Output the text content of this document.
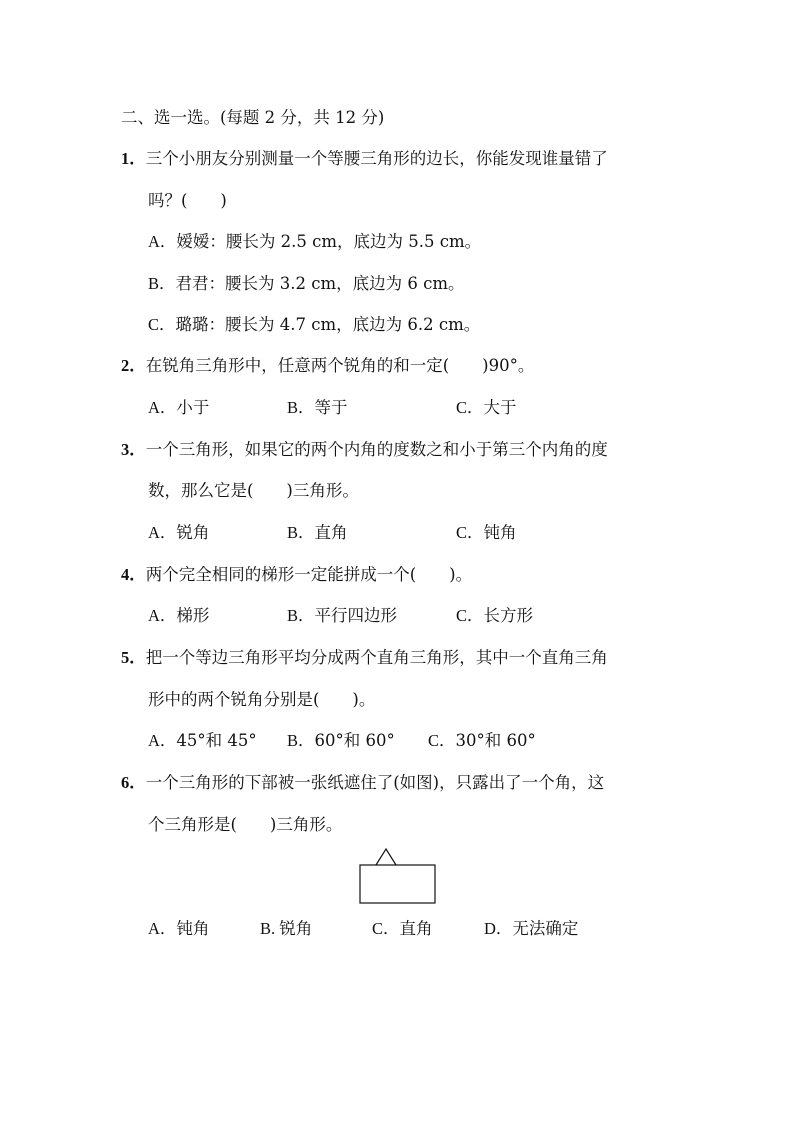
二、选一选。(每题 2 分，共 12 分)
1．三个小朋友分别测量一个等腰三角形的边长，你能发现谁量错了
吗？(　　)
A．嫒嫒：腰长为 2.5 cm，底边为 5.5 cm。
B．君君：腰长为 3.2 cm，底边为 6 cm。
C．璐璐：腰长为 4.7 cm，底边为 6.2 cm。
2．在锐角三角形中，任意两个锐角的和一定(　　)90°。
A．小于	B．等于	C．大于
3．一个三角形，如果它的两个内角的度数之和小于第三个内角的度
数，那么它是(　　)三角形。
A．锐角	B．直角	C．钝角
4．两个完全相同的梯形一定能拼成一个(　　)。
A．梯形	B．平行四边形	C．长方形
5．把一个等边三角形平均分成两个直角三角形，其中一个直角三角
形中的两个锐角分别是(　　)。
A．45°和 45° B．60°和 60° C．30°和 60°
6．一个三角形的下部被一张纸遮住了(如图)，只露出了一个角，这
个三角形是(　　)三角形。
A．钝角	B. 锐角	C．直角	D．无法确定
